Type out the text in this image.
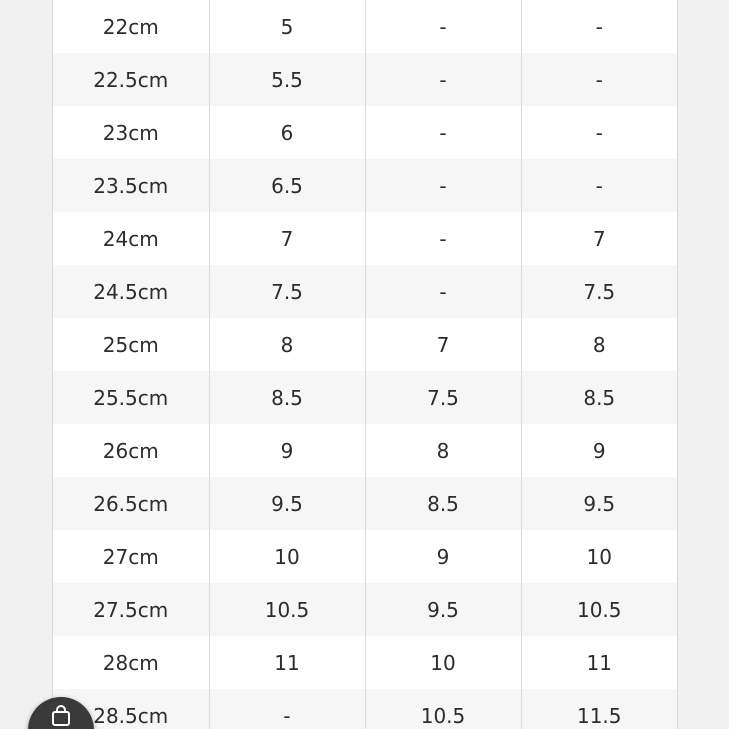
22cm	5	-	-
22.5cm	5.5	-	-
23cm	6	-	-
23.5cm	6.5	-	-
24cm	7	-	7
24.5cm	7.5	-	7.5
25cm	8	7	8
25.5cm	8.5	7.5	8.5
26cm	9	8	9
26.5cm	9.5	8.5	9.5
27cm	10	9	10
27.5cm	10.5	9.5	10.5
28cm	11	10	11
28.5cm	-	10.5	11.5
